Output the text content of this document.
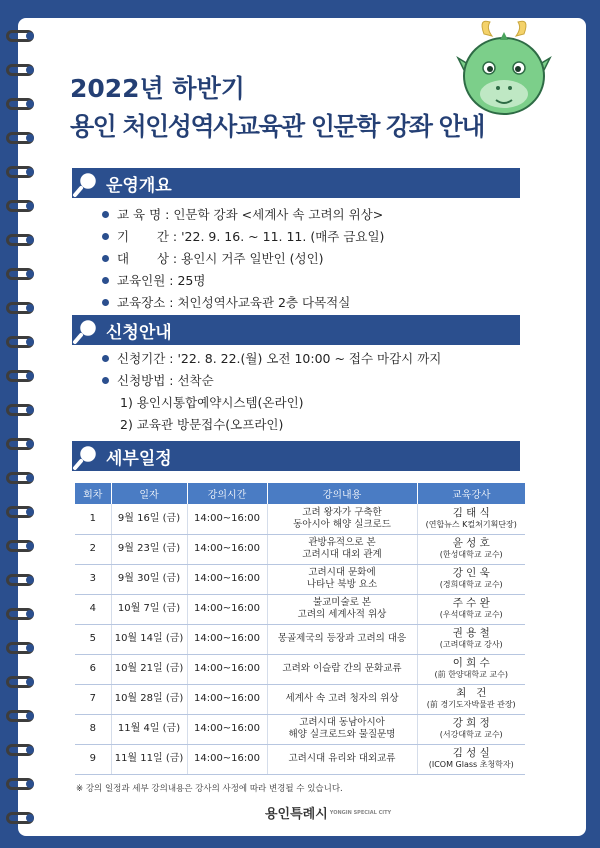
2022년 하반기
용인 처인성역사교육관 인문학 강좌 안내
운영개요
교 육 명 : 인문학 강좌 <세계사 속 고려의 위상>
기       간 : '22. 9. 16. ~ 11. 11. (매주 금요일)
대       상 : 용인시 거주 일반인 (성인)
교육인원 : 25명
교육장소 : 처인성역사교육관 2층 다목적실
신청안내
신청기간 : '22. 8. 22.(월) 오전 10:00 ~ 접수 마감시 까지
신청방법 : 선착순
1) 용인시통합예약시스템(온라인)
2) 교육관 방문접수(오프라인)
세부일정
회차	일자	강의시간	강의내용	교육강사
1	9월 16일 (금)	14:00~16:00	고려 왕자가 구축한
동아시아 해양 실크로드	김 태 식
(연합뉴스 K컬쳐기획단장)

2	9월 23일 (금)	14:00~16:00	관방유적으로 본
고려시대 대외 관계	윤 성 호
(한성대학교 교수)

3	9월 30일 (금)	14:00~16:00	고려시대 문화에
나타난 북방 요소	강 인 욱
(경희대학교 교수)

4	10월 7일 (금)	14:00~16:00	불교미술로 본
고려의 세계사적 위상	주 수 완
(우석대학교 교수)

5	10월 14일 (금)	14:00~16:00	몽골제국의 등장과 고려의 대응	권 용 철
(고려대학교 강사)

6	10월 21일 (금)	14:00~16:00	고려와 이슬람 간의 문화교류	이 희 수
(前 한양대학교 교수)

7	10월 28일 (금)	14:00~16:00	세계사 속 고려 청자의 위상	최   건
(前 경기도자박물관 관장)

8	11월 4일 (금)	14:00~16:00	고려시대 동남아시아
해양 실크로드와 물질문명	강 희 정
(서강대학교 교수)

9	11월 11일 (금)	14:00~16:00	고려시대 유리와 대외교류	김 성 실
(ICOM Glass 초청학자)
※ 강의 일정과 세부 강의내용은 강사의 사정에 따라 변경될 수 있습니다.
용인특례시 YONGIN SPECIAL CITY
